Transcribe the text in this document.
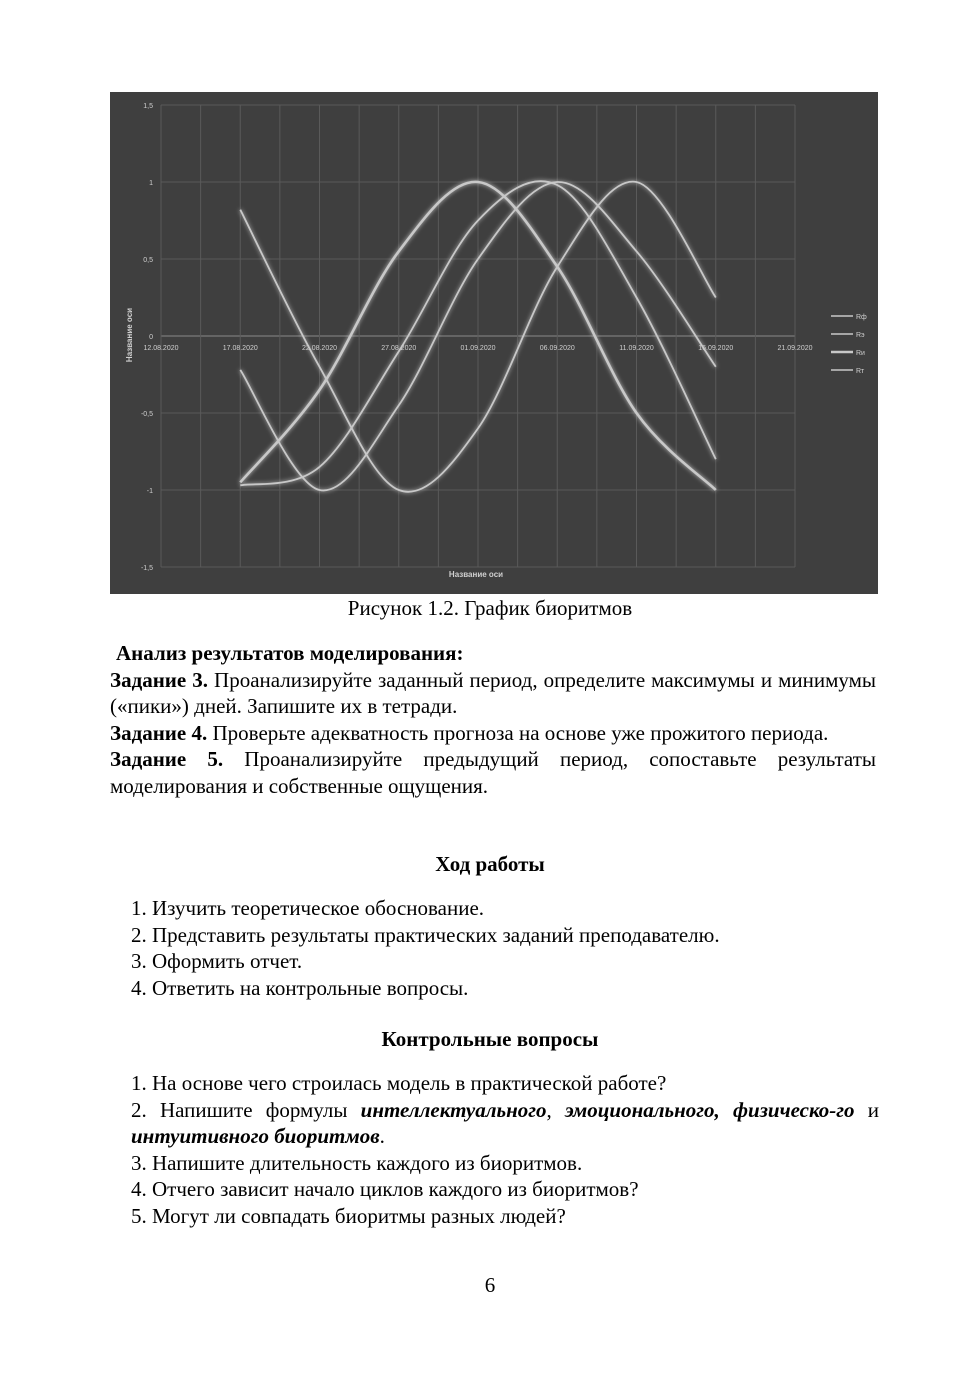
1,5
1
0,5
0
-0,5
-1
-1,5
12.08.2020	17.08.2020	22.08.2020	27.08.2020	01.09.2020	06.09.2020	11.09.2020	16.09.2020	21.09.2020
Rф
Rэ
Rи
Rт
Название оси
Название оси
Рисунок 1.2. График биоритмов

Анализ результатов моделирования:

Задание 3. Проанализируйте заданный период, определите максимумы и минимумы («пики») дней. Запишите их в тетради.

Задание 4. Проверьте адекватность прогноза на основе уже прожитого периода.

Задание 5. Проанализируйте предыдущий период, сопоставьте результаты моделирования и собственные ощущения.

Ход работы

1. Изучить теоретическое обоснование.

2. Представить результаты практических заданий преподавателю.

3. Оформить отчет.

4. Ответить на контрольные вопросы.

Контрольные вопросы

1. На основе чего строилась модель в практической работе?

2. Напишите формулы интеллектуального, эмоционального, физическо-го и интуитивного биоритмов.

3. Напишите длительность каждого из биоритмов.

4. Отчего зависит начало циклов каждого из биоритмов?

5. Могут ли совпадать биоритмы разных людей?

6
